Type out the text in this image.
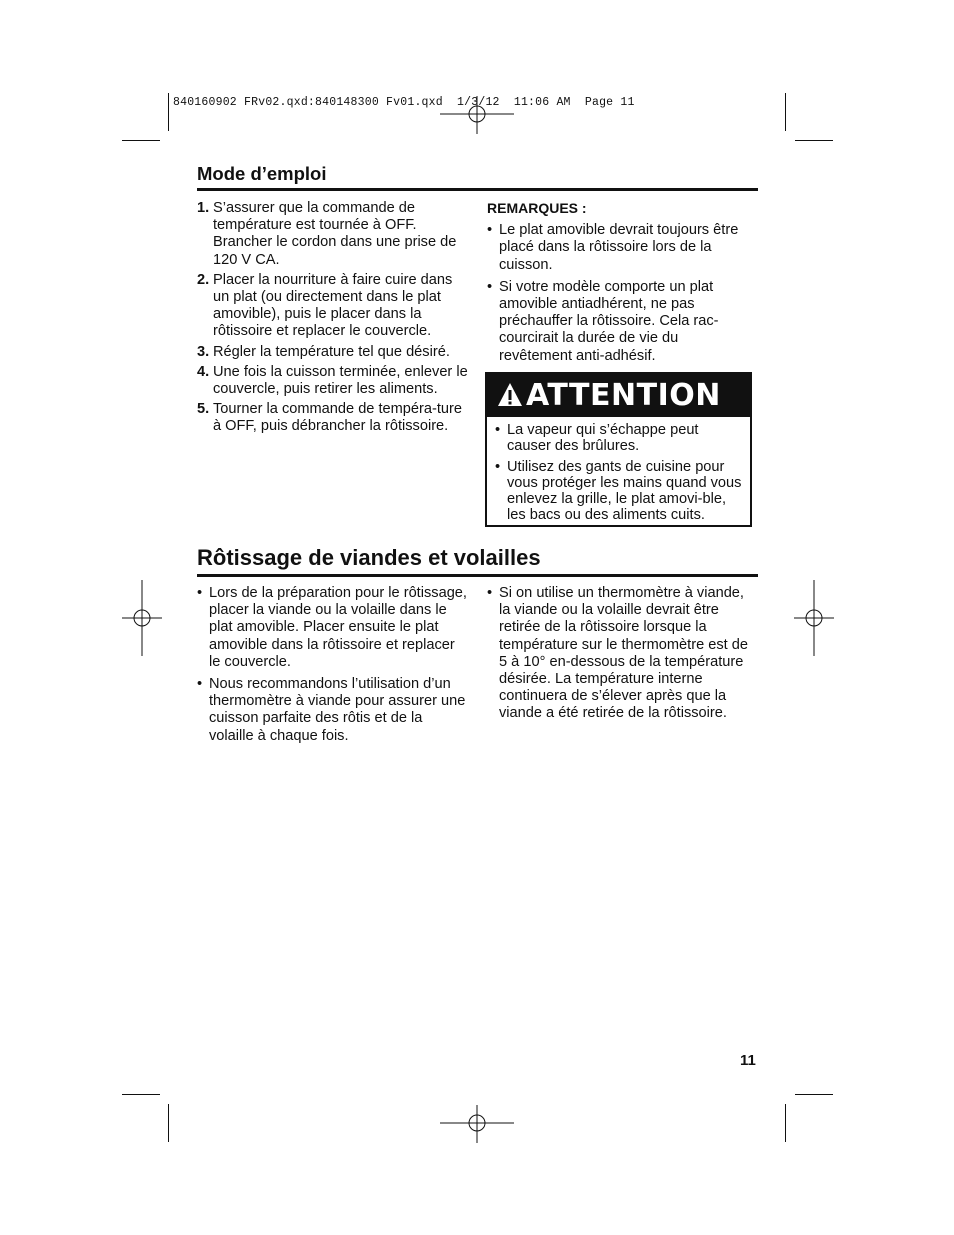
840160902 FRv02.qxd:840148300 Fv01.qxd  1/3/12  11:06 AM  Page 11
Mode d’emploi
1. S’assurer que la commande de température est tournée à OFF. Brancher le cordon dans une prise de 120 V CA.
2. Placer la nourriture à faire cuire dans un plat (ou directement dans le plat amovible), puis le placer dans la rôtissoire et replacer le couvercle.
3. Régler la température tel que désiré.
4. Une fois la cuisson terminée, enlever le couvercle, puis retirer les aliments.
5. Tourner la commande de tempéra-ture à OFF, puis débrancher la rôtissoire.
REMARQUES :
• Le plat amovible devrait toujours être placé dans la rôtissoire lors de la cuisson.
• Si votre modèle comporte un plat amovible antiadhérent, ne pas préchauffer la rôtissoire. Cela rac-courcirait la durée de vie du revêtement anti-adhésif.
ATTENTION
• La vapeur qui s’échappe peut causer des brûlures.
• Utilisez des gants de cuisine pour vous protéger les mains quand vous enlevez la grille, le plat amovi-ble, les bacs ou des aliments cuits.
Rôtissage de viandes et volailles
• Lors de la préparation pour le rôtissage, placer la viande ou la volaille dans le plat amovible. Placer ensuite le plat amovible dans la rôtissoire et replacer le couvercle.
• Nous recommandons l’utilisation d’un thermomètre à viande pour assurer une cuisson parfaite des rôtis et de la volaille à chaque fois.
• Si on utilise un thermomètre à viande, la viande ou la volaille devrait être retirée de la rôtissoire lorsque la température sur le thermomètre est de 5 à 10° en-dessous de la température désirée. La température interne continuera de s’élever après que la viande a été retirée de la rôtissoire.
11
